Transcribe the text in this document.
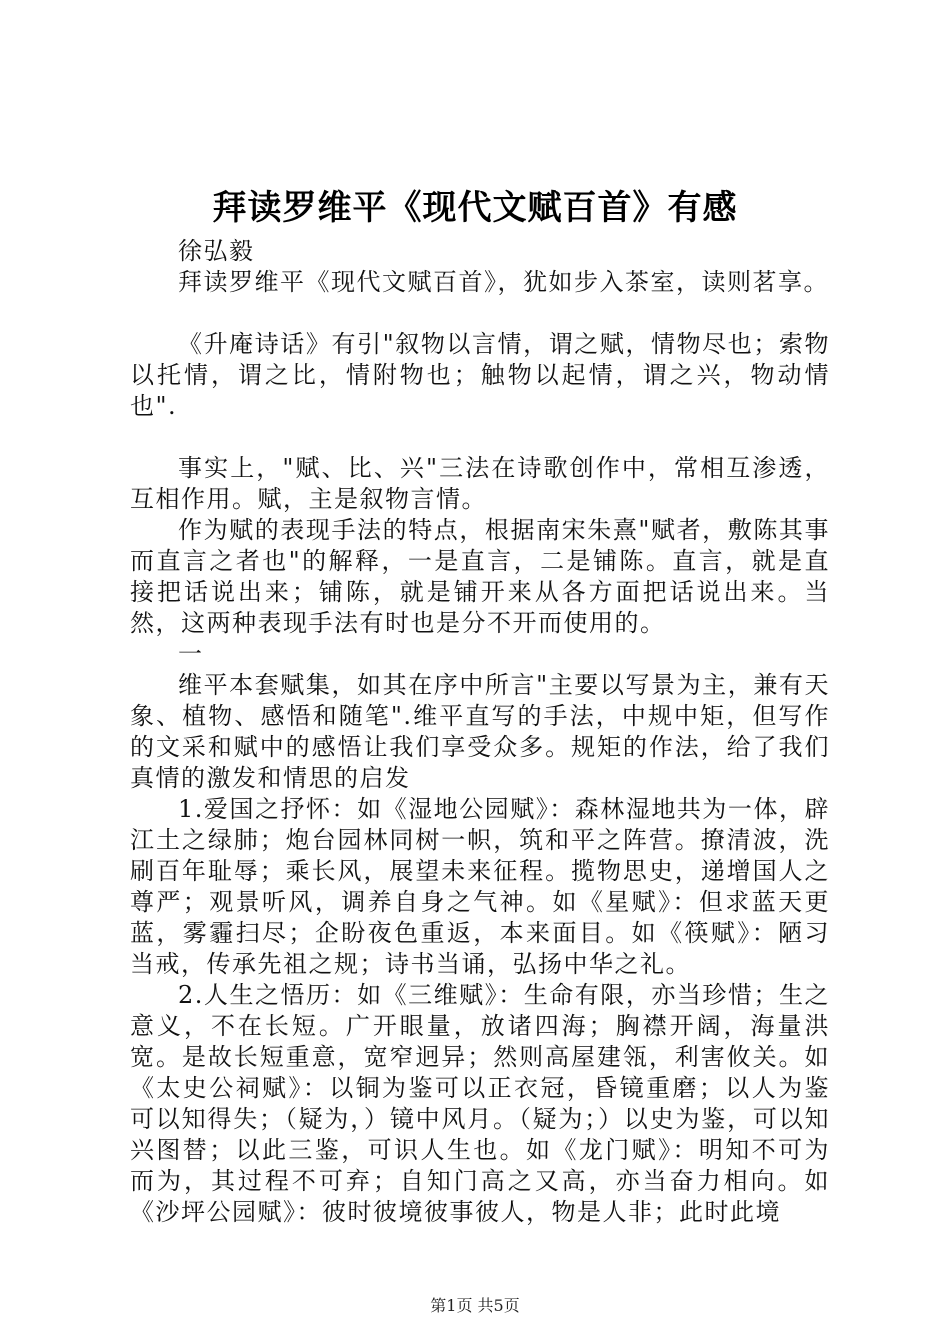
拜读罗维平《现代文赋百首》有感

徐弘毅

拜读罗维平《现代文赋百首》，犹如步入茶室，读则茗享。

《升庵诗话》有引"叙物以言情，谓之赋，情物尽也；索物以托情，谓之比，情附物也；触物以起情，谓之兴，物动情也".

事实上，"赋、比、兴"三法在诗歌创作中，常相互渗透，互相作用。赋，主是叙物言情。

作为赋的表现手法的特点，根据南宋朱熹"赋者，敷陈其事而直言之者也"的解释，一是直言，二是铺陈。直言，就是直接把话说出来；铺陈，就是铺开来从各方面把话说出来。当然，这两种表现手法有时也是分不开而使用的。

一

维平本套赋集，如其在序中所言"主要以写景为主，兼有天象、植物、感悟和随笔".维平直写的手法，中规中矩，但写作的文采和赋中的感悟让我们享受众多。规矩的作法，给了我们真情的激发和情思的启发

1.爱国之抒怀：如《湿地公园赋》：森林湿地共为一体，辟江土之绿肺；炮台园林同树一帜，筑和平之阵营。撩清波，洗刷百年耻辱；乘长风，展望未来征程。揽物思史，递增国人之尊严；观景听风，调养自身之气神。如《星赋》：但求蓝天更蓝，雾霾扫尽；企盼夜色重返，本来面目。如《筷赋》：陋习当戒，传承先祖之规；诗书当诵，弘扬中华之礼。

2.人生之悟历：如《三维赋》：生命有限，亦当珍惜；生之意义，不在长短。广开眼量，放诸四海；胸襟开阔，海量洪宽。是故长短重意，宽窄迥异；然则高屋建瓴，利害攸关。如《太史公祠赋》：以铜为鉴可以正衣冠，昏镜重磨；以人为鉴可以知得失；（疑为，）镜中风月。（疑为；）以史为鉴，可以知兴图替；以此三鉴，可识人生也。如《龙门赋》：明知不可为而为，其过程不可弃；自知门高之又高，亦当奋力相向。如《沙坪公园赋》：彼时彼境彼事彼人，物是人非；此时此境

第1页 共5页
